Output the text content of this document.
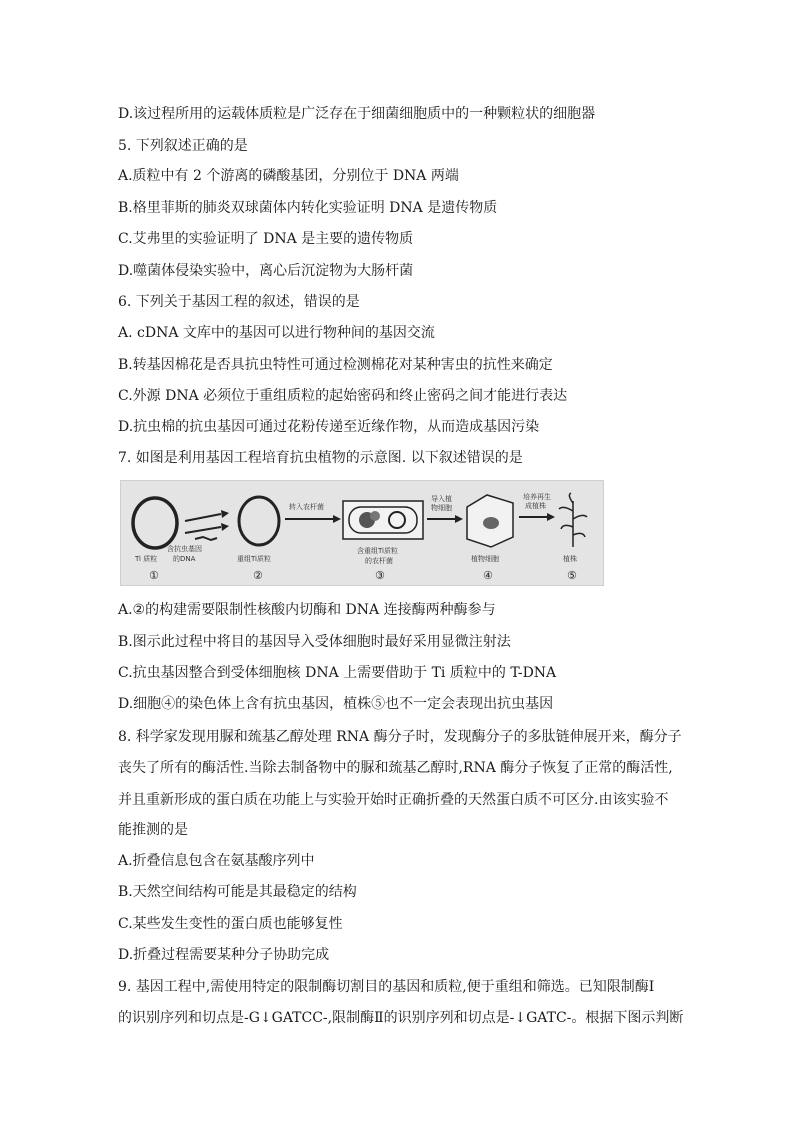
D.该过程所用的运载体质粒是广泛存在于细菌细胞质中的一种颗粒状的细胞器
5. 下列叙述正确的是
A.质粒中有 2 个游离的磷酸基团，分别位于 DNA 两端
B.格里菲斯的肺炎双球菌体内转化实验证明 DNA 是遗传物质
C.艾弗里的实验证明了 DNA 是主要的遗传物质
D.噬菌体侵染实验中，离心后沉淀物为大肠杆菌
6. 下列关于基因工程的叙述，错误的是
A. cDNA 文库中的基因可以进行物种间的基因交流
B.转基因棉花是否具抗虫特性可通过检测棉花对某种害虫的抗性来确定
C.外源 DNA 必须位于重组质粒的起始密码和终止密码之间才能进行表达
D.抗虫棉的抗虫基因可通过花粉传递至近缘作物，从而造成基因污染
7. 如图是利用基因工程培育抗虫植物的示意图. 以下叙述错误的是
Ti 质粒
①
含抗虫基因
的DNA	重组Ti质粒
②
转入农杆菌
含重组Ti质粒
的农杆菌
③
导入植
物细胞
植物细胞
④
培养再生
成植株
植株
⑤
A.②的构建需要限制性核酸内切酶和 DNA 连接酶两种酶参与
B.图示此过程中将目的基因导入受体细胞时最好采用显微注射法
C.抗虫基因整合到受体细胞核 DNA 上需要借助于 Ti 质粒中的 T-DNA
D.细胞④的染色体上含有抗虫基因，植株⑤也不一定会表现出抗虫基因
8. 科学家发现用脲和巯基乙醇处理 RNA 酶分子时，发现酶分子的多肽链伸展开来，酶分子
丧失了所有的酶活性.当除去制备物中的脲和巯基乙醇时,RNA 酶分子恢复了正常的酶活性,
并且重新形成的蛋白质在功能上与实验开始时正确折叠的天然蛋白质不可区分.由该实验不
能推测的是
A.折叠信息包含在氨基酸序列中
B.天然空间结构可能是其最稳定的结构
C.某些发生变性的蛋白质也能够复性
D.折叠过程需要某种分子协助完成
9. 基因工程中,需使用特定的限制酶切割目的基因和质粒,便于重组和筛选。已知限制酶Ⅰ
的识别序列和切点是-G↓GATCC-,限制酶Ⅱ的识别序列和切点是-↓GATC-。根据下图示判断
